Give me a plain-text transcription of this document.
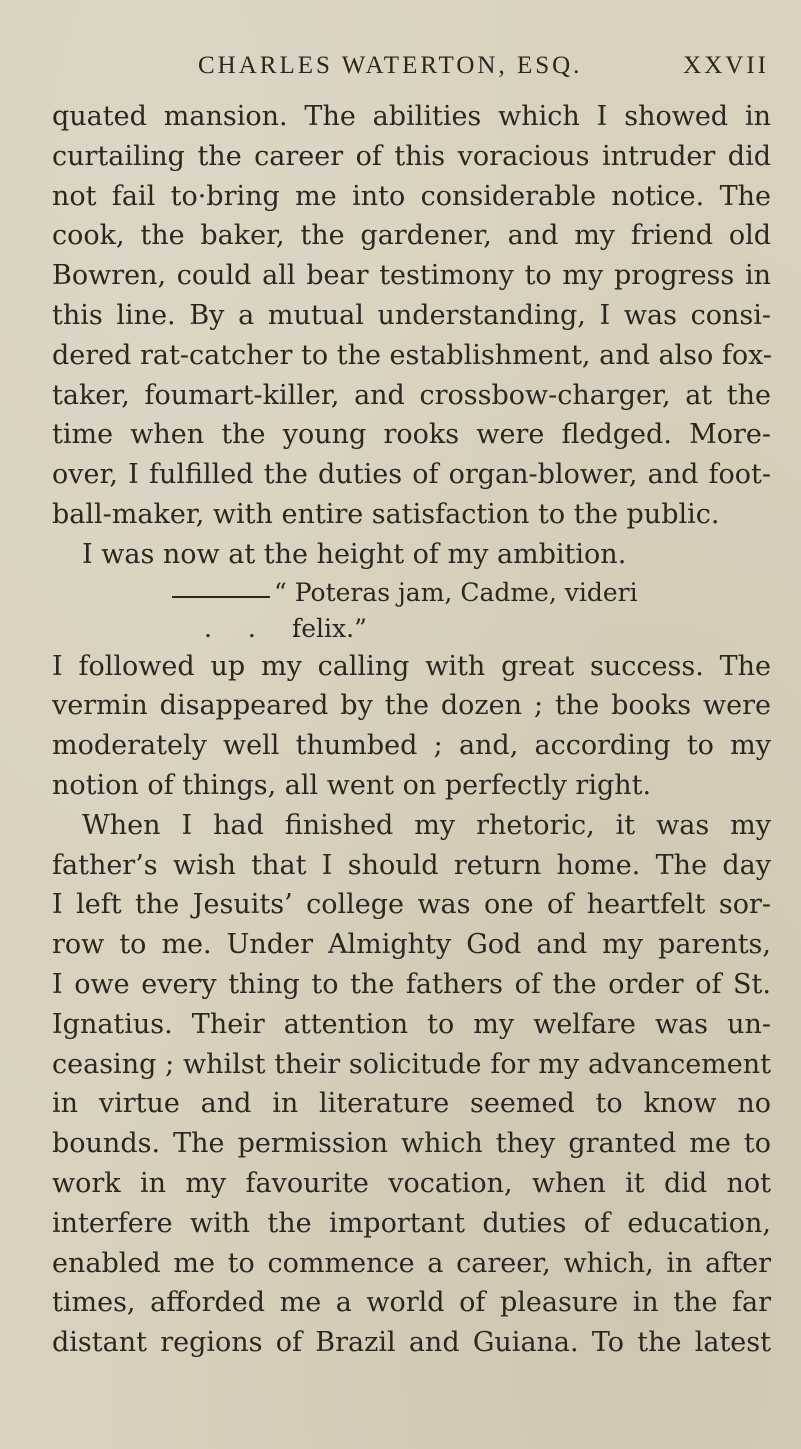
CHARLES WATERTON, ESQ.	XXVII
quated mansion. The abilities which I showed in
curtailing the career of this voracious intruder did
not fail to·bring me into considerable notice. The
cook, the baker, the gardener, and my friend old
Bowren, could all bear testimony to my progress in
this line. By a mutual understanding, I was consi-
dered rat-catcher to the establishment, and also fox-
taker, foumart-killer, and crossbow-charger, at the
time when the young rooks were fledged. More-
over, I fulfilled the duties of organ-blower, and foot-
ball-maker, with entire satisfaction to the public.
I was now at the height of my ambition.
“ Poteras jam, Cadme, videri
. . .
felix.”
I followed up my calling with great success. The
vermin disappeared by the dozen ; the books were
moderately well thumbed ; and, according to my
notion of things, all went on perfectly right.
When I had finished my rhetoric, it was my
father’s wish that I should return home. The day
I left the Jesuits’ college was one of heartfelt sor-
row to me. Under Almighty God and my parents,
I owe every thing to the fathers of the order of St.
Ignatius. Their attention to my welfare was un-
ceasing ; whilst their solicitude for my advancement
in virtue and in literature seemed to know no
bounds. The permission which they granted me to
work in my favourite vocation, when it did not
interfere with the important duties of education,
enabled me to commence a career, which, in after
times, afforded me a world of pleasure in the far
distant regions of Brazil and Guiana. To the latest
